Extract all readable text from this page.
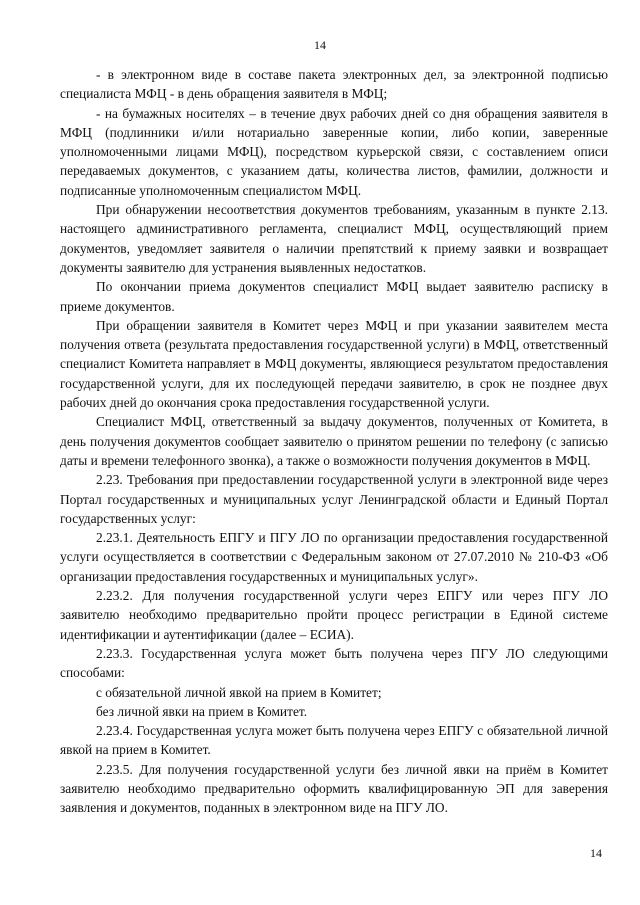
14

- в электронном виде в составе пакета электронных дел, за электронной подписью специалиста МФЦ - в день обращения заявителя в МФЦ;

- на бумажных носителях – в течение двух рабочих дней со дня обращения заявителя в МФЦ (подлинники и/или нотариально заверенные копии, либо копии, заверенные уполномоченными лицами МФЦ), посредством курьерской связи, с составлением описи передаваемых документов, с указанием даты, количества листов, фамилии, должности и подписанные уполномоченным специалистом МФЦ.

При обнаружении несоответствия документов требованиям, указанным в пункте 2.13. настоящего административного регламента, специалист МФЦ, осуществляющий прием документов, уведомляет заявителя о наличии препятствий к приему заявки и возвращает документы заявителю для устранения выявленных недостатков.

По окончании приема документов специалист МФЦ выдает заявителю расписку в приеме документов.

При обращении заявителя в Комитет через МФЦ и при указании заявителем места получения ответа (результата предоставления государственной услуги) в МФЦ, ответственный специалист Комитета направляет в МФЦ документы, являющиеся результатом предоставления государственной услуги, для их последующей передачи заявителю, в срок не позднее двух рабочих дней до окончания срока предоставления государственной услуги.

Специалист МФЦ, ответственный за выдачу документов, полученных от Комитета, в день получения документов сообщает заявителю о принятом решении по телефону (с записью даты и времени телефонного звонка), а также о возможности получения документов в МФЦ.

2.23. Требования при предоставлении государственной услуги в электронной виде через Портал государственных и муниципальных услуг Ленинградской области и Единый Портал государственных услуг:

2.23.1. Деятельность ЕПГУ и ПГУ ЛО по организации предоставления государственной услуги осуществляется в соответствии с Федеральным законом от 27.07.2010 № 210-ФЗ «Об организации предоставления государственных и муниципальных услуг».

2.23.2. Для получения государственной услуги через ЕПГУ или через ПГУ ЛО заявителю необходимо предварительно пройти процесс регистрации в Единой системе идентификации и аутентификации (далее – ЕСИА).

2.23.3. Государственная услуга может быть получена через ПГУ ЛО следующими способами:

с обязательной личной явкой на прием в Комитет;

без личной явки на прием в Комитет.

2.23.4. Государственная услуга может быть получена через ЕПГУ с обязательной личной явкой на прием в Комитет.

2.23.5. Для получения государственной услуги без личной явки на приём в Комитет заявителю необходимо предварительно оформить квалифицированную ЭП для заверения заявления и документов, поданных в электронном виде на ПГУ ЛО.

14
